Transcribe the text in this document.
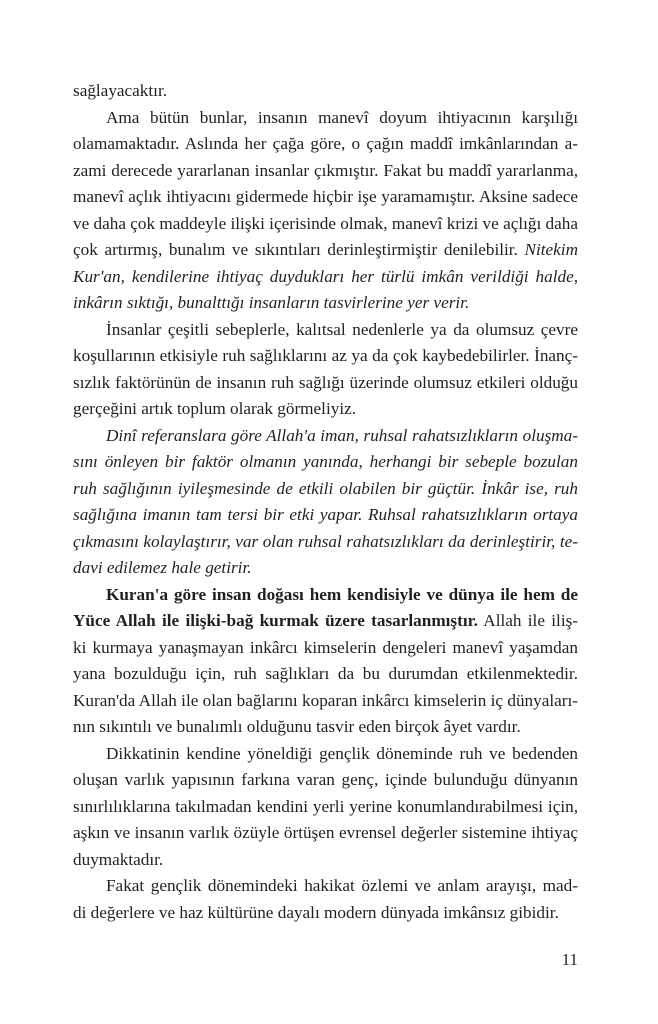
sağlayacaktır.
Ama bütün bunlar, insanın manevî doyum ihtiyacının karşılığı
olamamaktadır. Aslında her çağa göre, o çağın maddî imkânlarından a-
zami derecede yararlanan insanlar çıkmıştır. Fakat bu maddî yararlanma,
manevî açlık ihtiyacını gidermede hiçbir işe yaramamıştır. Aksine sadece
ve daha çok maddeyle ilişki içerisinde olmak, manevî krizi ve açlığı daha
çok artırmış, bunalım ve sıkıntıları derinleştirmiştir denilebilir. Nitekim
Kur'an, kendilerine ihtiyaç duydukları her türlü imkân verildiği halde,
inkârın sıktığı, bunalttığı insanların tasvirlerine yer verir.
İnsanlar çeşitli sebeplerle, kalıtsal nedenlerle ya da olumsuz çevre
koşullarının etkisiyle ruh sağlıklarını az ya da çok kaybedebilirler. İnanç-
sızlık faktörünün de insanın ruh sağlığı üzerinde olumsuz etkileri olduğu
gerçeğini artık toplum olarak görmeliyiz.
Dinî referanslara göre Allah'a iman, ruhsal rahatsızlıkların oluşma-
sını önleyen bir faktör olmanın yanında, herhangi bir sebeple bozulan
ruh sağlığının iyileşmesinde de etkili olabilen bir güçtür. İnkâr ise, ruh
sağlığına imanın tam tersi bir etki yapar. Ruhsal rahatsızlıkların ortaya
çıkmasını kolaylaştırır, var olan ruhsal rahatsızlıkları da derinleştirir, te-
davi edilemez hale getirir.
Kuran'a göre insan doğası hem kendisiyle ve dünya ile hem de
Yüce Allah ile ilişki-bağ kurmak üzere tasarlanmıştır. Allah ile iliş-
ki kurmaya yanaşmayan inkârcı kimselerin dengeleri manevî yaşamdan
yana bozulduğu için, ruh sağlıkları da bu durumdan etkilenmektedir.
Kuran'da Allah ile olan bağlarını koparan inkârcı kimselerin iç dünyaları-
nın sıkıntılı ve bunalımlı olduğunu tasvir eden birçok âyet vardır.
Dikkatinin kendine yöneldiği gençlik döneminde ruh ve bedenden
oluşan varlık yapısının farkına varan genç, içinde bulunduğu dünyanın
sınırlılıklarına takılmadan kendini yerli yerine konumlandırabilmesi için,
aşkın ve insanın varlık özüyle örtüşen evrensel değerler sistemine ihtiyaç
duymaktadır.
Fakat gençlik dönemindeki hakikat özlemi ve anlam arayışı, mad-
di değerlere ve haz kültürüne dayalı modern dünyada imkânsız gibidir.
11
